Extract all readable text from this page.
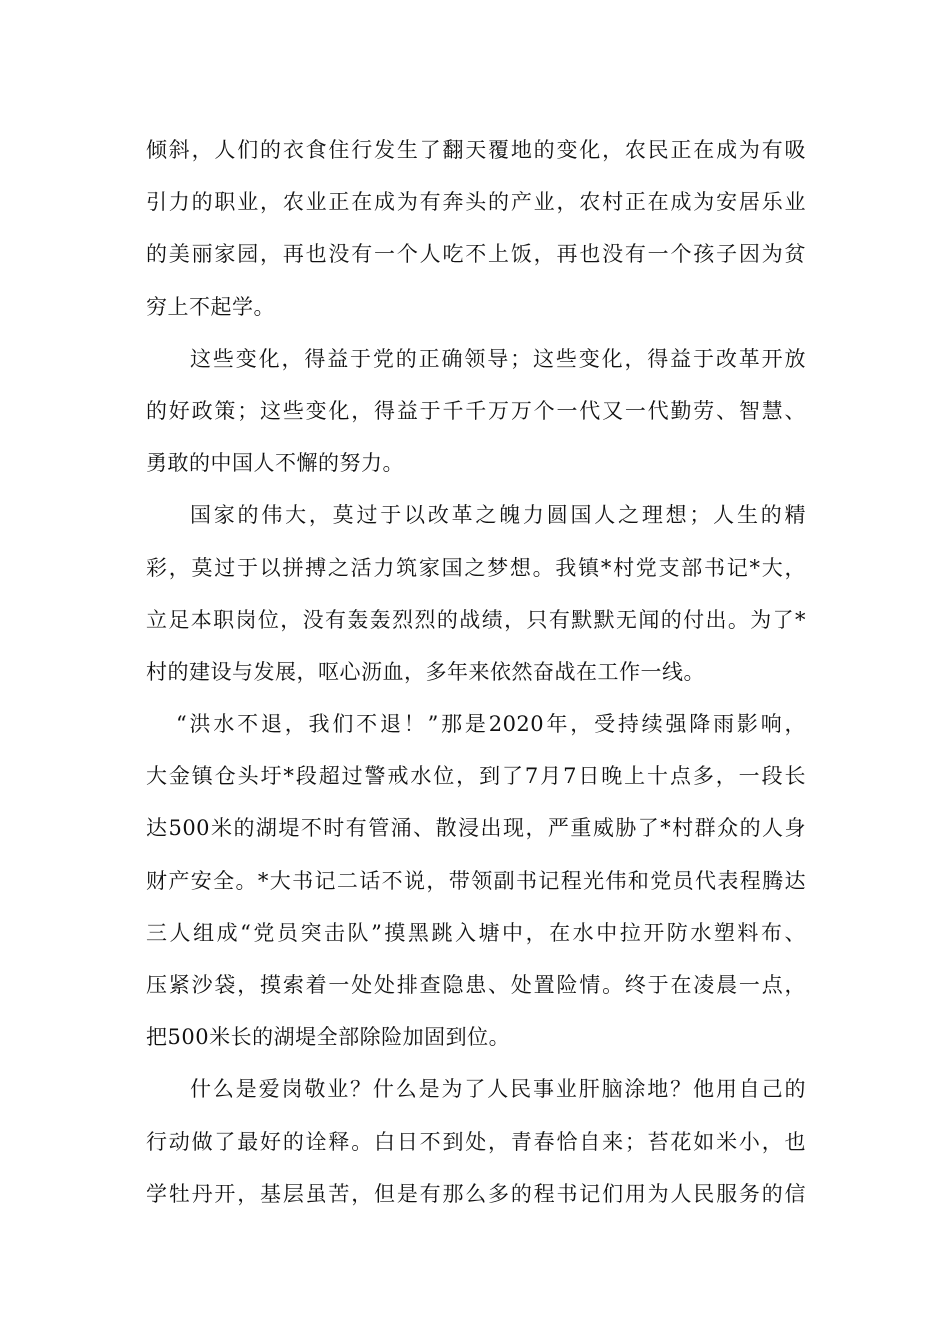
倾斜，人们的衣食住行发生了翻天覆地的变化，农民正在成为有吸
引力的职业，农业正在成为有奔头的产业，农村正在成为安居乐业
的美丽家园，再也没有一个人吃不上饭，再也没有一个孩子因为贫
穷上不起学。
这些变化，得益于党的正确领导；这些变化，得益于改革开放
的好政策；这些变化，得益于千千万万个一代又一代勤劳、智慧、
勇敢的中国人不懈的努力。
国家的伟大，莫过于以改革之魄力圆国人之理想；人生的精
彩，莫过于以拼搏之活力筑家国之梦想。我镇*村党支部书记*大，
立足本职岗位，没有轰轰烈烈的战绩，只有默默无闻的付出。为了*
村的建设与发展，呕心沥血，多年来依然奋战在工作一线。
“洪水不退，我们不退！”那是2020年，受持续强降雨影响，
大金镇仓头圩*段超过警戒水位，到了7月7日晚上十点多，一段长
达500米的湖堤不时有管涌、散浸出现，严重威胁了*村群众的人身
财产安全。*大书记二话不说，带领副书记程光伟和党员代表程腾达
三人组成“党员突击队”摸黑跳入塘中，在水中拉开防水塑料布、
压紧沙袋，摸索着一处处排查隐患、处置险情。终于在凌晨一点，
把500米长的湖堤全部除险加固到位。
什么是爱岗敬业？什么是为了人民事业肝脑涂地？他用自己的
行动做了最好的诠释。白日不到处，青春恰自来；苔花如米小，也
学牡丹开，基层虽苦，但是有那么多的程书记们用为人民服务的信
